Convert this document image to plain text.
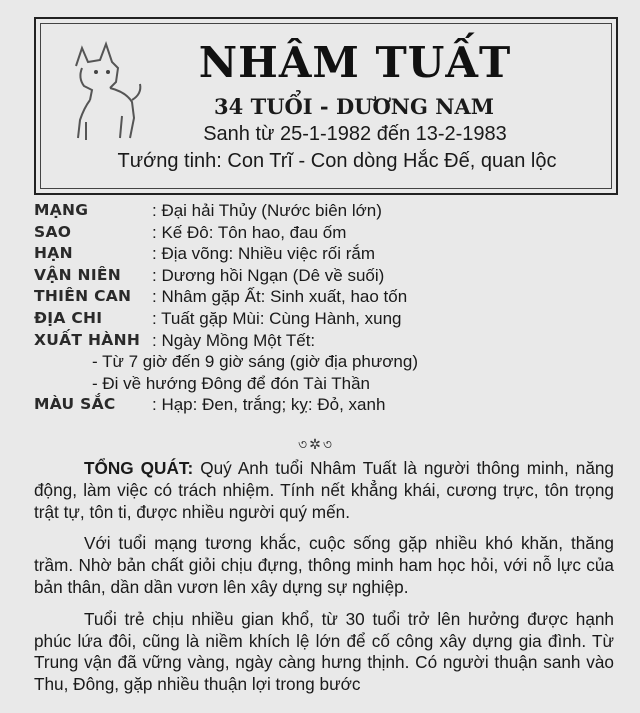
NHÂM TUẤT
34 TUỔI - DƯƠNG NAM
Sanh từ 25-1-1982 đến 13-2-1983
Tướng tinh: Con Trĩ - Con dòng Hắc Đế, quan lộc
MẠNG	: Đại hải Thủy (Nước biên lớn)
SAO	: Kế Đô: Tôn hao, đau ốm
HẠN	: Địa võng: Nhiều việc rối rắm
VẬN NIÊN	: Dương hồi Ngạn (Dê về suối)
THIÊN CAN	: Nhâm gặp Ất: Sinh xuất, hao tốn
ĐỊA CHI	: Tuất gặp Mùi: Cùng Hành, xung
XUẤT HÀNH : Ngày Mồng Một Tết:
- Từ 7 giờ đến 9 giờ sáng (giờ địa phương)
- Đi về hướng Đông để đón Tài Thần
MÀU SẮC	: Hạp: Đen, trắng; kỵ: Đỏ, xanh
৩✲৩

TỔNG QUÁT: Quý Anh tuổi Nhâm Tuất là người thông minh, năng động, làm việc có trách nhiệm. Tính nết khẳng khái, cương trực, tôn trọng trật tự, tôn ti, được nhiều người quý mến.

Với tuổi mạng tương khắc, cuộc sống gặp nhiều khó khăn, thăng trầm. Nhờ bản chất giỏi chịu đựng, thông minh ham học hỏi, với nỗ lực của bản thân, dần dần vươn lên xây dựng sự nghiệp.

Tuổi trẻ chịu nhiều gian khổ, từ 30 tuổi trở lên hưởng được hạnh phúc lứa đôi, cũng là niềm khích lệ lớn để cố công xây dựng gia đình. Từ Trung vận đã vững vàng, ngày càng hưng thịnh. Có người thuận sanh vào Thu, Đông, gặp nhiều thuận lợi trong bước
